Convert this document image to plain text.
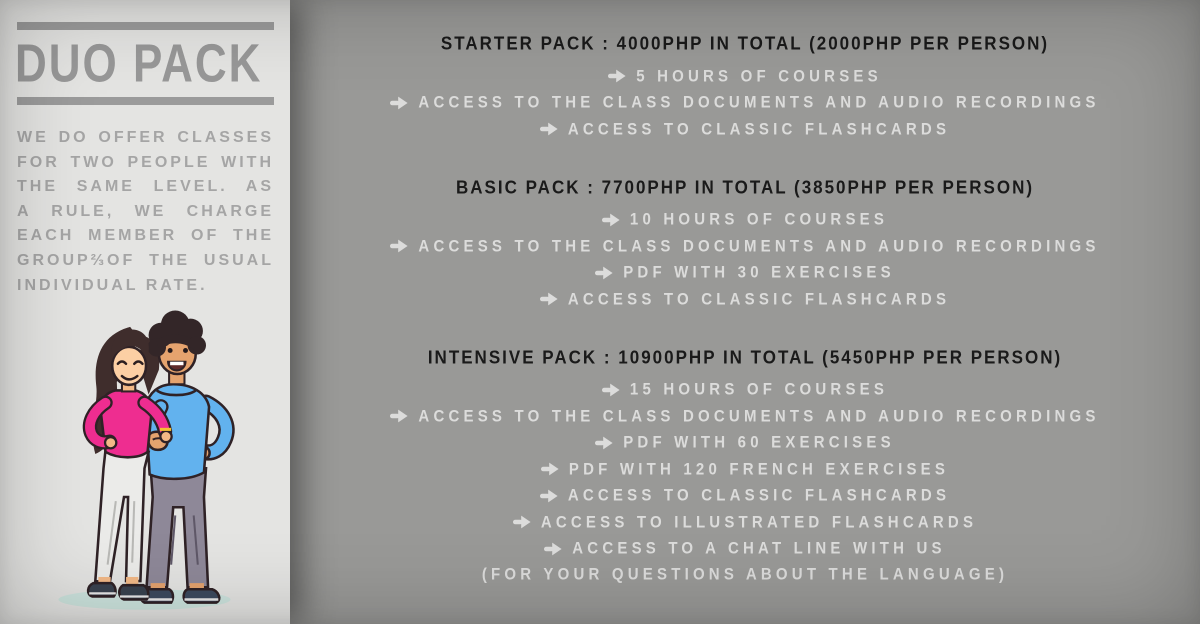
DUO PACK
WE DO OFFER CLASSES
FOR TWO PEOPLE WITH
THE SAME LEVEL. AS
A RULE, WE CHARGE
EACH MEMBER OF THE
GROUP⅔OF THE USUAL
INDIVIDUAL RATE.
STARTER PACK : 4000PHP IN TOTAL (2000PHP PER PERSON)
5 HOURS OF COURSES
ACCESS TO THE CLASS DOCUMENTS AND AUDIO RECORDINGS
ACCESS TO CLASSIC FLASHCARDS
BASIC PACK : 7700PHP IN TOTAL (3850PHP PER PERSON)
10 HOURS OF COURSES
ACCESS TO THE CLASS DOCUMENTS AND AUDIO RECORDINGS
PDF WITH 30 EXERCISES
ACCESS TO CLASSIC FLASHCARDS
INTENSIVE PACK : 10900PHP IN TOTAL (5450PHP PER PERSON)
15 HOURS OF COURSES
ACCESS TO THE CLASS DOCUMENTS AND AUDIO RECORDINGS
PDF WITH 60 EXERCISES
PDF WITH 120 FRENCH EXERCISES
ACCESS TO CLASSIC FLASHCARDS
ACCESS TO ILLUSTRATED FLASHCARDS
ACCESS TO A CHAT LINE WITH US
(FOR YOUR QUESTIONS ABOUT THE LANGUAGE)
